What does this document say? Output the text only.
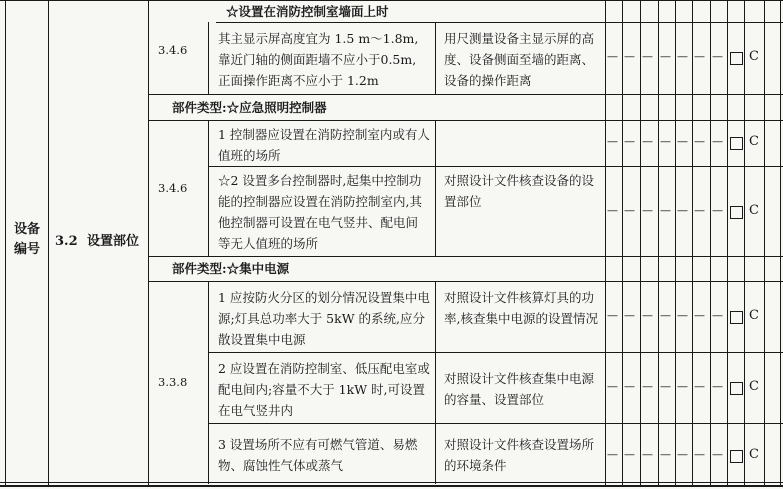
设备编号
3.2 设置部位
☆设置在消防控制室墙面上时
3.4.6
其主显示屏高度宜为 1.5 m～1.8m,靠近门轴的侧面距墙不应小于0.5m,正面操作距离不应小于 1.2m
用尺测量设备主显示屏的高度、设备侧面至墙的距离、设备的操作距离
部件类型:☆应急照明控制器
3.4.6
1 控制器应设置在消防控制室内或有人值班的场所
☆2 设置多台控制器时,起集中控制功能的控制器应设置在消防控制室内,其他控制器可设置在电气竖井、配电间等无人值班的场所
对照设计文件核查设备的设置部位
部件类型:☆集中电源
3.3.8
1 应按防火分区的划分情况设置集中电源;灯具总功率大于 5kW 的系统,应分散设置集中电源
对照设计文件核算灯具的功率,核查集中电源的设置情况
2 应设置在消防控制室、低压配电室或配电间内;容量不大于 1kW 时,可设置在电气竖井内
对照设计文件核查集中电源的容量、设置部位
3 设置场所不应有可燃气管道、易燃物、腐蚀性气体或蒸气
对照设计文件核查设置场所的环境条件
— — — — — — — C
— — — — — — — C
— — — — — — — C
— — — — — — — C
— — — — — — — C
— — — — — — — C
